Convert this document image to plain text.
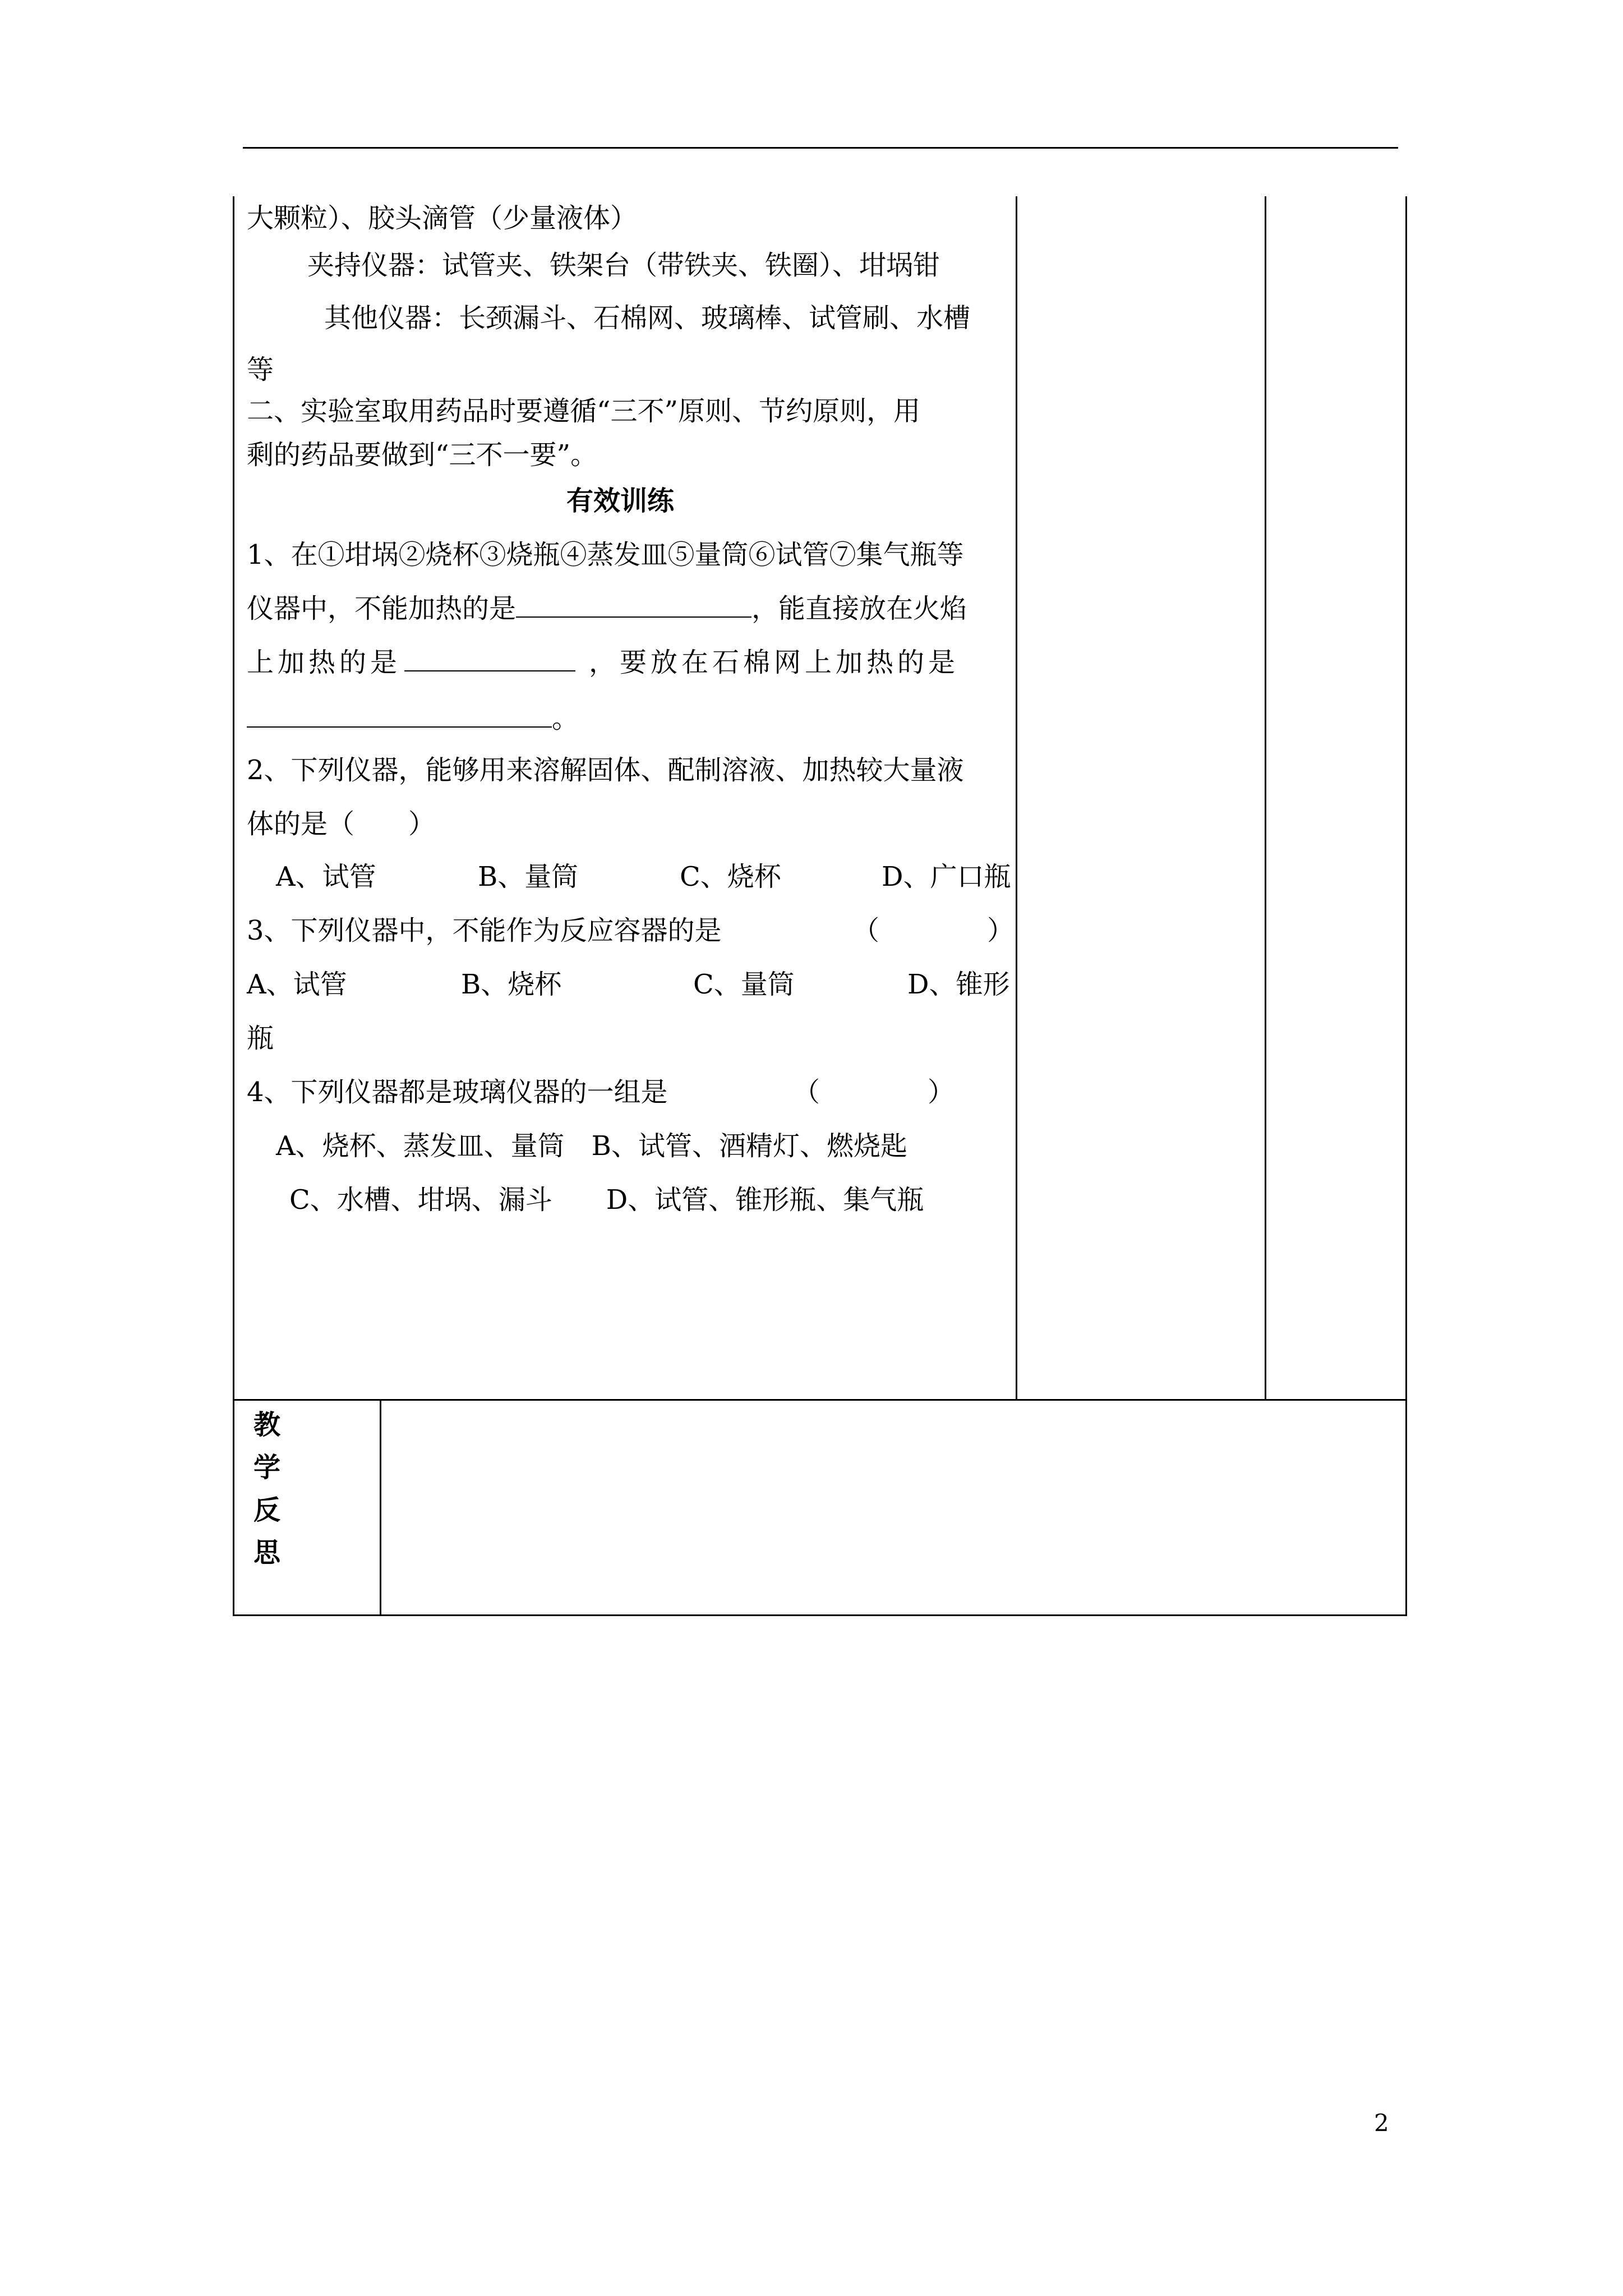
大颗粒）、胶头滴管（少量液体）
夹持仪器：试管夹、铁架台（带铁夹、铁圈）、坩埚钳
其他仪器：长颈漏斗、石棉网、玻璃棒、试管刷、水槽
等
二、实验室取用药品时要遵循“三不”原则、节约原则，用
剩的药品要做到“三不一要”。
有效训练
1、在①坩埚②烧杯③烧瓶④蒸发皿⑤量筒⑥试管⑦集气瓶等
仪器中，不能加热的是	，能直接放在火焰
上加热的是	，要放在石棉网上加热的是
。
2、下列仪器，能够用来溶解固体、配制溶液、加热较大量液
体的是（　　）
A、试管	B、量筒	C、烧杯	D、广口瓶
3、下列仪器中，不能作为反应容器的是	（　　　　）
A、试管	B、烧杯	C、量筒	D、锥形
瓶
4、下列仪器都是玻璃仪器的一组是	（　　　　）
A、烧杯、蒸发皿、量筒　B、试管、酒精灯、燃烧匙
C、水槽、坩埚、漏斗　　D、试管、锥形瓶、集气瓶
教
学
反
思
2
